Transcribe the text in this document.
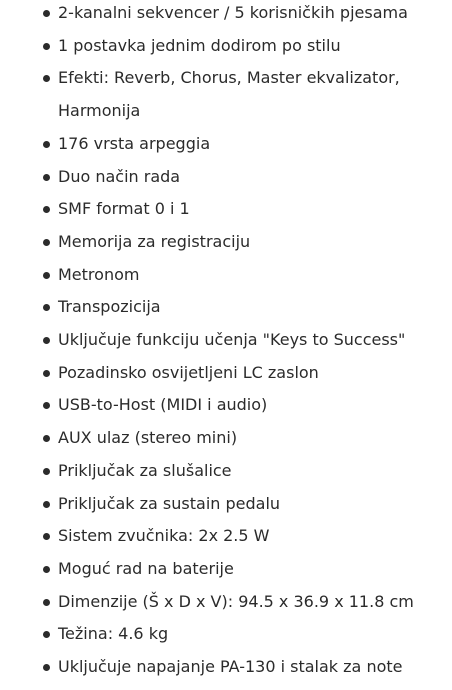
2-kanalni sekvencer / 5 korisničkih pjesama
1 postavka jednim dodirom po stilu
Efekti: Reverb, Chorus, Master ekvalizator, Harmonija
176 vrsta arpeggia
Duo način rada
SMF format 0 i 1
Memorija za registraciju
Metronom
Transpozicija
Uključuje funkciju učenja "Keys to Success"
Pozadinsko osvijetljeni LC zaslon
USB-to-Host (MIDI i audio)
AUX ulaz (stereo mini)
Priključak za slušalice
Priključak za sustain pedalu
Sistem zvučnika: 2x 2.5 W
Moguć rad na baterije
Dimenzije (Š x D x V): 94.5 x 36.9 x 11.8 cm
Težina: 4.6 kg
Uključuje napajanje PA-130 i stalak za note
